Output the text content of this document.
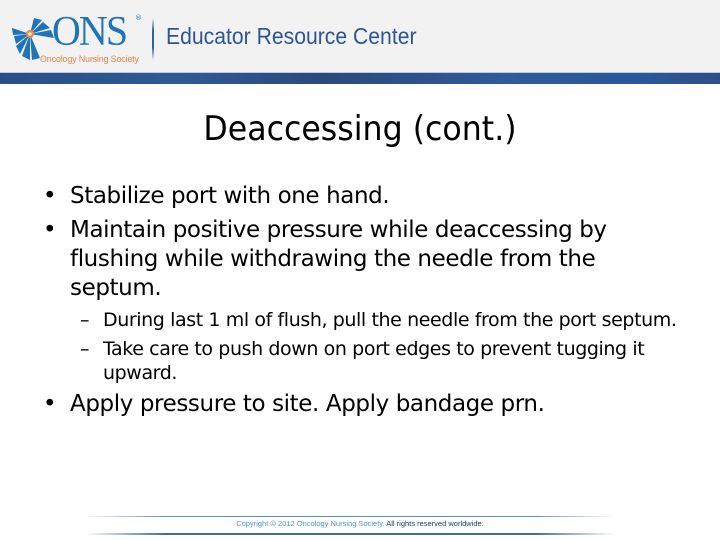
ONS ®
Oncology Nursing Society
Educator Resource Center
Deaccessing (cont.)
• Stabilize port with one hand.
• Maintain positive pressure while deaccessing by flushing while withdrawing the needle from the septum.
– During last 1 ml of flush, pull the needle from the port septum.
– Take care to push down on port edges to prevent tugging it upward.
• Apply pressure to site. Apply bandage prn.
Copyright © 2012 Oncology Nursing Society. All rights reserved worldwide.
